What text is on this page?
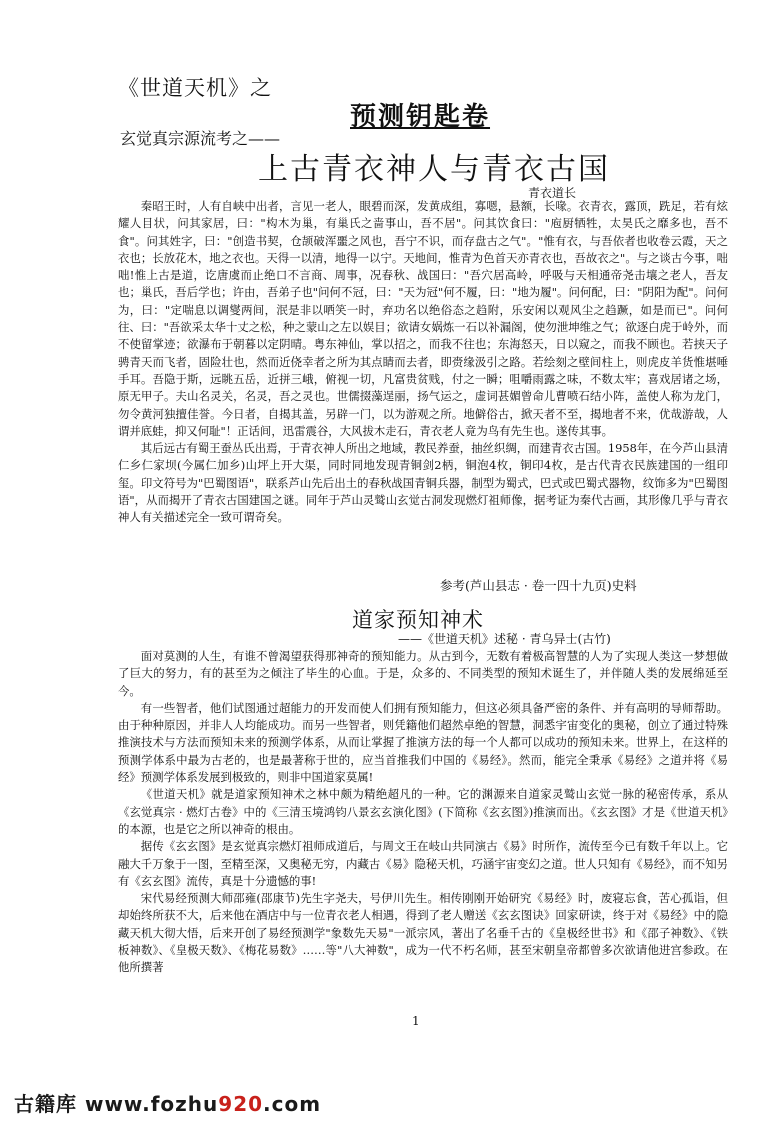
《世道天机》之
预测钥匙卷
玄觉真宗源流考之——
上古青衣神人与青衣古国
青衣道长

秦昭王时，人有自峡中出者，言见一老人，眼碧而深，发黄成组，寡嗯，悬额，长喙。衣青衣，露顶，跣足，若有炫耀人目状，问其家居，曰："构木为巢，有巢氏之啬事山，吾不居"。问其饮食曰："庖厨牺牲，太昊氏之靡多也，吾不食"。问其姓字，曰："创造书契，仓颉破浑噩之风也，吾宁不识，而存盘古之气"。"惟有衣，与吾依者也收卷云霞，天之衣也；长放花木，地之衣也。天得一以清，地得一以宁。天地间，惟青为色首天亦青衣也，吾故衣之"。与之谈古今事，咄咄!惟上古是道，讫唐虞而止绝口不言商、周事，况春秋、战国曰："吾穴居高岭，呼吸与天相通帝尧击壤之老人，吾友也；巢氏，吾后学也；许由，吾弟子也"问何不冠，曰："天为冠"何不履，曰："地为履"。问何配，曰："阴阳为配"。问何为，曰："定喘息以调燮两间，泯是非以哂笑一时，弃功名以绝俗态之趋附，乐安闲以观风尘之趋蹶，如是而已"。问何往、曰："吾欲采太华十丈之松，种之蒙山之左以娱目；欲请女娲炼一石以补漏阁，使勿泄坤维之气；欲逐白虎于岭外，而不使留掌迹；欲瀑布于朝暮以定阴晴。粤东神仙，掌以招之，而我不往也；东海怒天，日以窥之，而我不顾也。若挟天子骋青天而飞者，固险壮也，然而近侥幸者之所为其点睛而去者，即赍缘汲引之路。若绘刻之壁间柱上，则虎皮羊货惟堪唾手耳。吾隐于斯，远眺五岳，近拼三峨，俯视一切，凡富贵贫贱，付之一瞬；咀嚼雨露之味，不数太牢；喜戏居诸之场，原无甲子。夫山名灵关，名灵，吾之灵也。世儒掇藻逞丽，扬气运之，虚词甚媚曾命儿曹喷石结小阵，盖使人称为龙门，勿令黄河独擅佳誉。今日者，自揭其盖，另辟一门，以为游观之所。地僻俗古，掀天者不至，揭地者不来，优哉游哉，人谓并底蛙，抑又何耻"！正话间，迅雷震谷，大风拔木走石，青衣老人竟为鸟有先生也。遂传其事。

其后远古有蜀王蚕丛氏出焉，于青衣神人所出之地域，教民养蚕，抽丝织绸，而建青衣古国。1958年，在今芦山县清仁乡仁家坝(今属仁加乡)山坪上开大渠，同时同地发现青铜剑2柄，铜泡4枚，铜印4枚，是古代青衣民族建国的一组印玺。印文符号为"巴蜀图语"，联系芦山先后出土的春秋战国青铜兵器，制型为蜀式，巴式或巴蜀式器物，纹饰多为"巴蜀图语"，从而揭开了青衣古国建国之谜。同年于芦山灵鹫山玄觉古洞发现燃灯祖师像，据考证为秦代古画，其形像几乎与青衣神人有关描述完全一致可谓奇矣。

参考(芦山县志 · 卷一四十九页)史料
道家预知神术
——《世道天机》述秘 · 青乌异士(古竹)

面对莫测的人生，有谁不曾渴望获得那神奇的预知能力。从古到今，无数有着极高智慧的人为了实现人类这一梦想做了巨大的努力，有的甚至为之倾注了毕生的心血。于是，众多的、不同类型的预知术诞生了，并伴随人类的发展绵延至今。

有一些智者，他们试图通过超能力的开发而使人们拥有预知能力，但这必须具备严密的条件、并有高明的导师帮助。由于种种原因，并非人人均能成功。而另一些智者，则凭籍他们超然卓绝的智慧，洞悉宇宙变化的奥秘，创立了通过特殊推演技术与方法而预知未来的预测学体系，从而让掌握了推演方法的每一个人都可以成功的预知未来。世界上，在这样的预测学体系中最为古老的，也是最著称于世的，应当首推我们中国的《易经》。然而，能完全秉承《易经》之道并将《易经》预测学体系发展到极致的，则非中国道家莫属!

《世道天机》就是道家预知神术之林中颇为精绝超凡的一种。它的渊源来自道家灵鹫山玄觉一脉的秘密传承，系从《玄觉真宗 · 燃灯古卷》中的《三清玉境鸿钧八景玄玄演化图》(下简称《玄玄图》)推演而出。《玄玄图》才是《世道天机》的本源，也是它之所以神奇的根由。

据传《玄玄图》是玄觉真宗燃灯祖师成道后，与周文王在岐山共同演古《易》时所作，流传至今已有数千年以上。它融大千万象于一图，至精至深，又奥秘无穷，内藏古《易》隐秘天机，巧涵宇宙变幻之道。世人只知有《易经》，而不知另有《玄玄图》流传，真是十分遗憾的事!

宋代易经预测大师邵雍(邵康节)先生字尧夫，号伊川先生。相传刚刚开始研究《易经》时，废寝忘食，苦心孤诣，但却始终所获不大，后来他在酒店中与一位青衣老人相遇，得到了老人赠送《玄玄图诀》回家研读，终于对《易经》中的隐藏天机大彻大悟，后来开创了易经预测学"象数先天易"一派宗风，著出了名垂千古的《皇极经世书》和《邵子神数》、《铁板神数》、《皇极天数》、《梅花易数》……等"八大神数"，成为一代不朽名师，甚至宋朝皇帝都曾多次欲请他进宫参政。在他所撰著

1
古籍库 www.fozhu920.com
